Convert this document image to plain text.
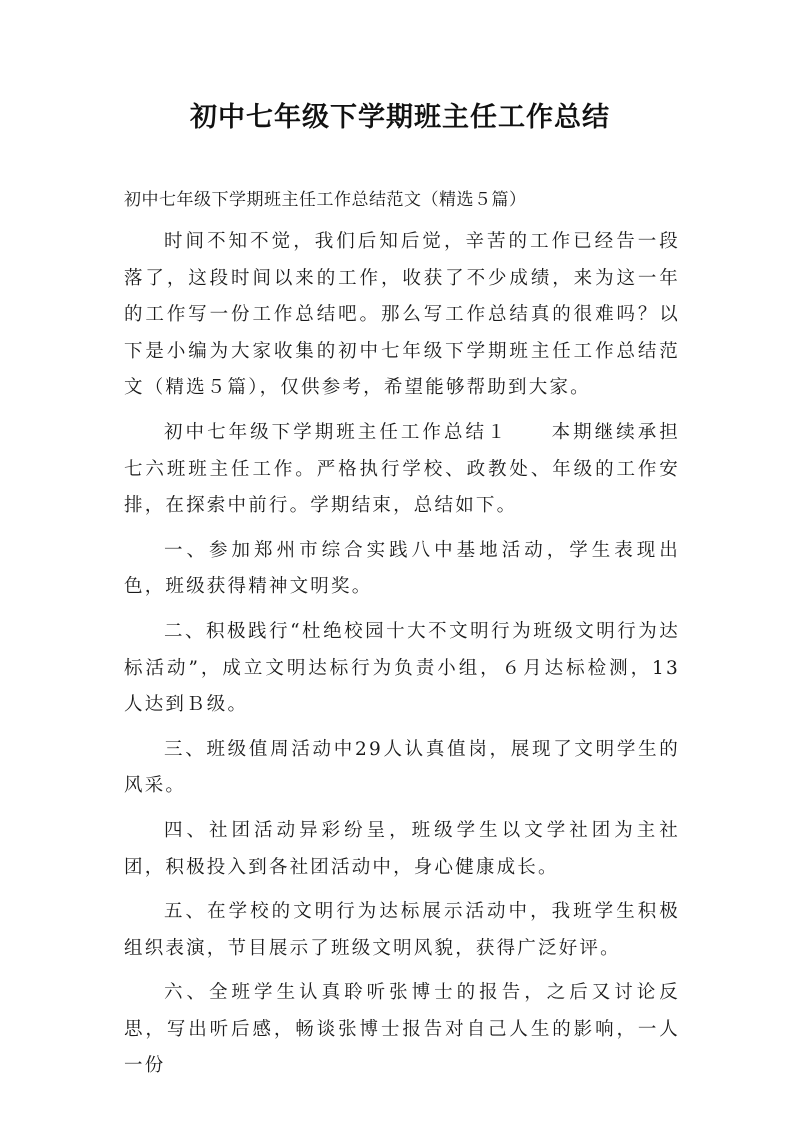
初中七年级下学期班主任工作总结
初中七年级下学期班主任工作总结范文（精选５篇）

时间不知不觉，我们后知后觉，辛苦的工作已经告一段落了，这段时间以来的工作，收获了不少成绩，来为这一年的工作写一份工作总结吧。那么写工作总结真的很难吗？以下是小编为大家收集的初中七年级下学期班主任工作总结范文（精选５篇），仅供参考，希望能够帮助到大家。

初中七年级下学期班主任工作总结１　　本期继续承担七六班班主任工作。严格执行学校、政教处、年级的工作安排，在探索中前行。学期结束，总结如下。

一、参加郑州市综合实践八中基地活动，学生表现出色，班级获得精神文明奖。

二、积极践行“杜绝校园十大不文明行为班级文明行为达标活动”，成立文明达标行为负责小组，６月达标检测，13人达到Ｂ级。

三、班级值周活动中29人认真值岗，展现了文明学生的风采。

四、社团活动异彩纷呈，班级学生以文学社团为主社团，积极投入到各社团活动中，身心健康成长。

五、在学校的文明行为达标展示活动中，我班学生积极组织表演，节目展示了班级文明风貌，获得广泛好评。

六、全班学生认真聆听张博士的报告，之后又讨论反思，写出听后感，畅谈张博士报告对自己人生的影响，一人一份
